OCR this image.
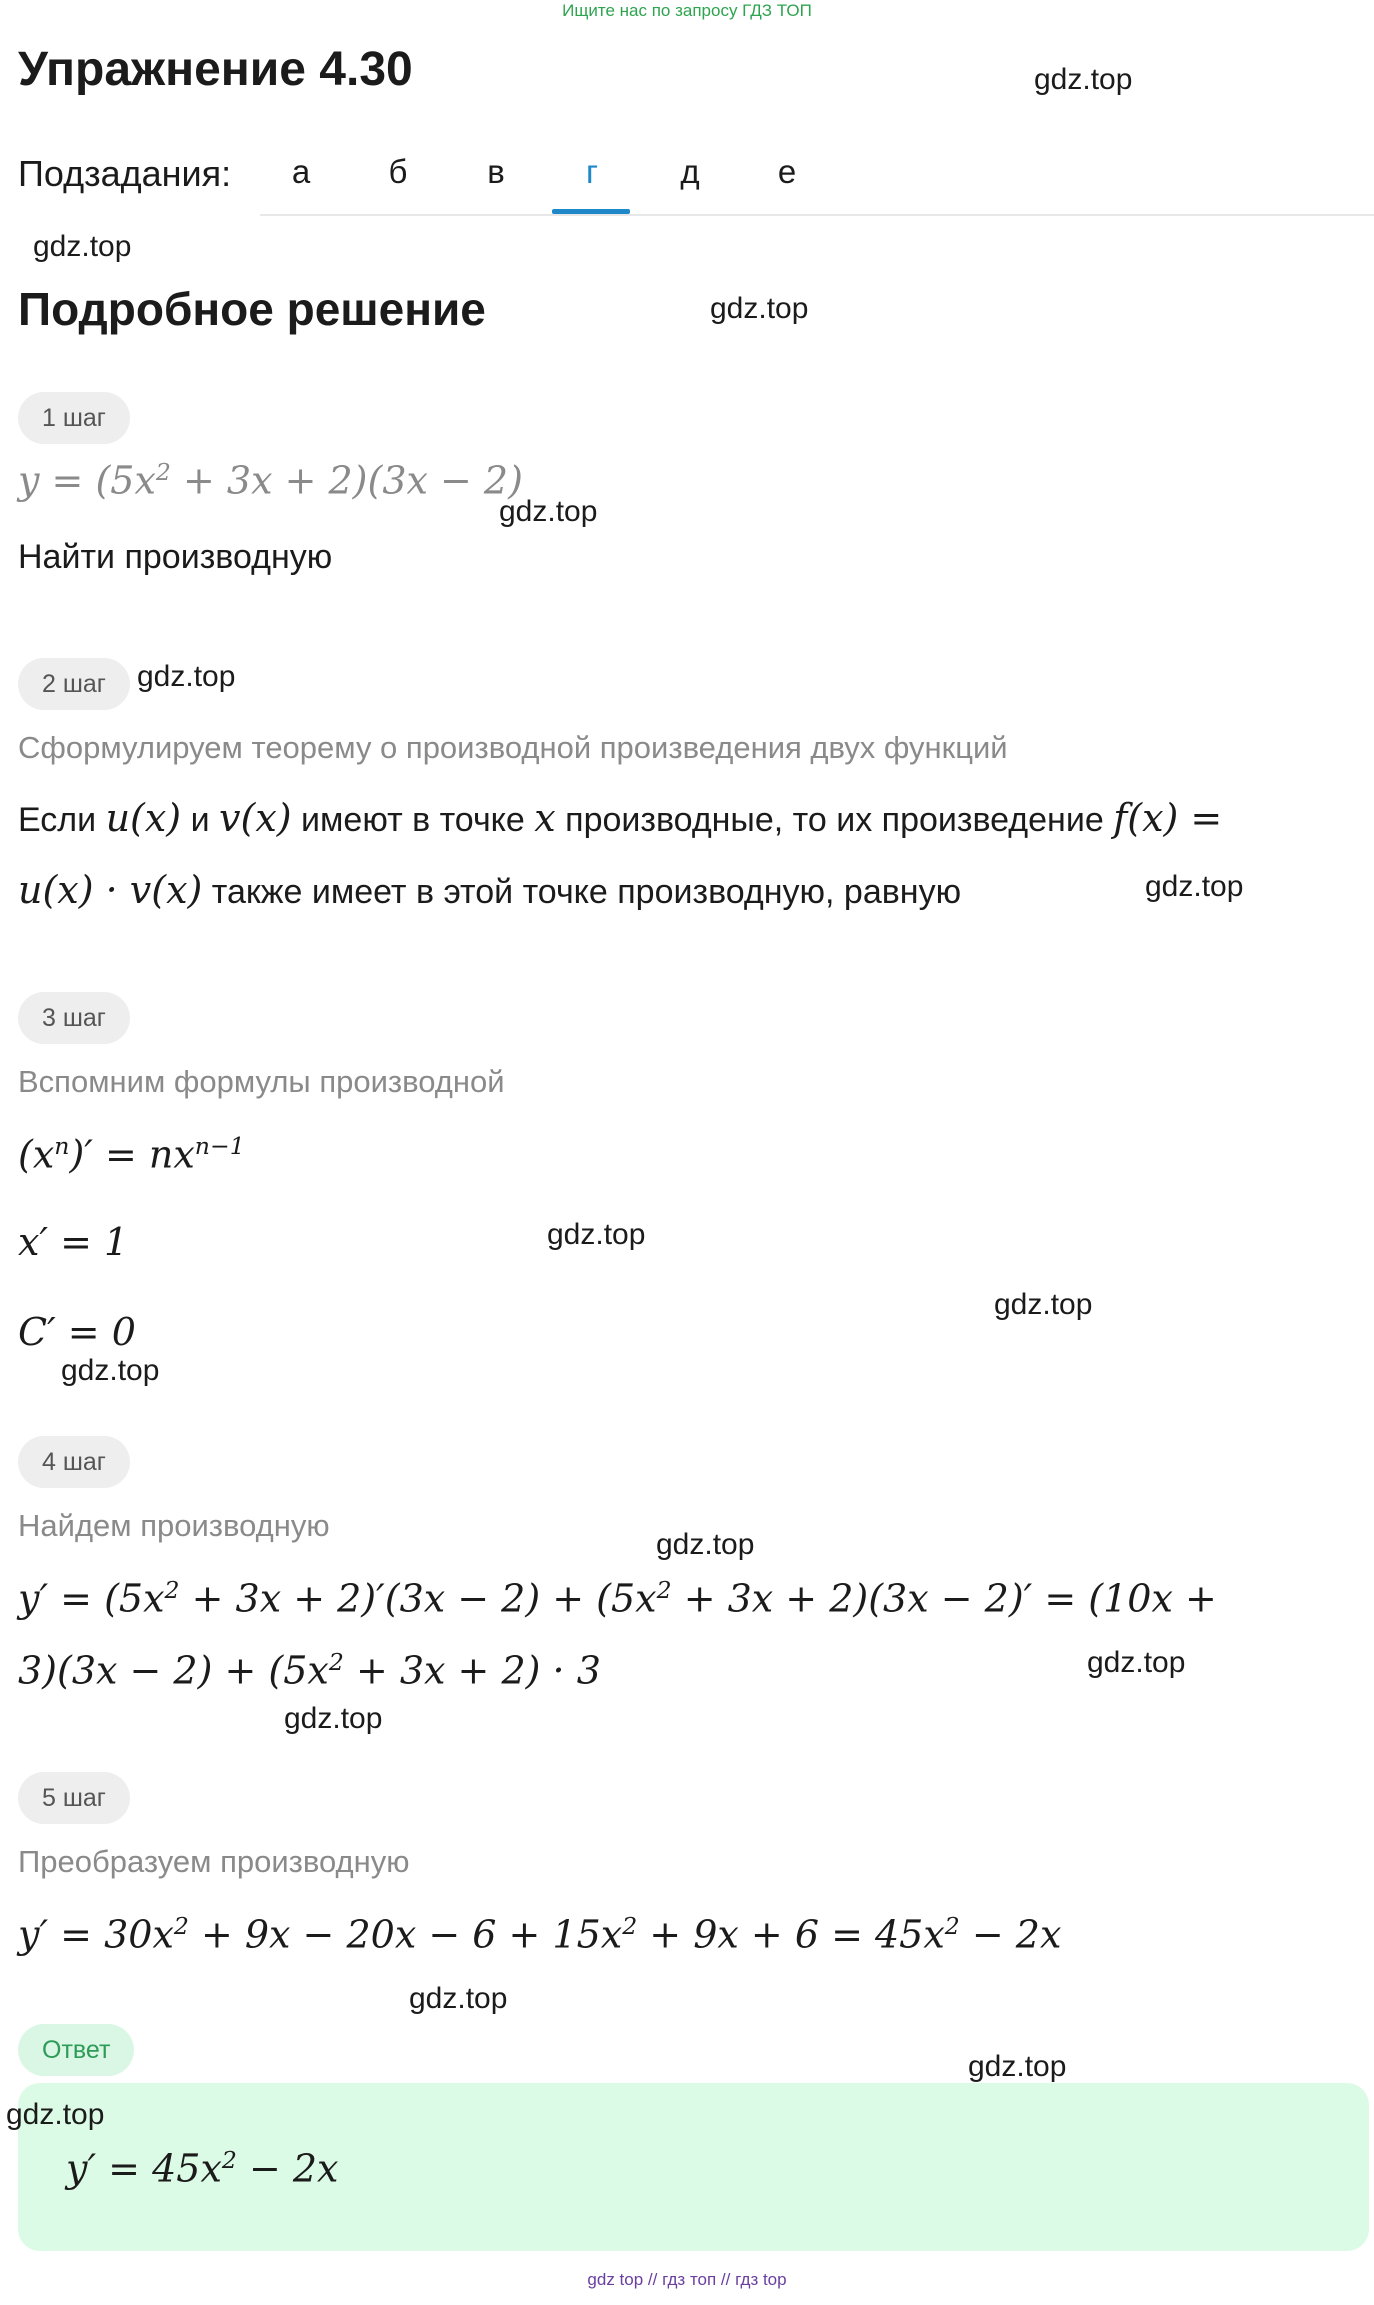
Ищите нас по запросу ГДЗ ТОП
Упражнение 4.30	gdz.top
Подзадания:	а	б	в	г	д	е
gdz.top
Подробное решение	gdz.top
1 шаг
$y = (5x^2 + 3x + 2)(3x - 2)$
gdz.top
Найти производную
2 шаг	gdz.top
Сформулируем теорему о производной произведения двух функций
Если u(x) и v(x) имеют в точке x производные, то их произведение f(x) =
u(x) · v(x) также имеет в этой точке производную, равную	gdz.top
3 шаг
Вспомним формулы производной
$(x^n)' = nx^{n-1}$
x′ = 1	gdz.top
gdz.top
C′ = 0
gdz.top
4 шаг
Найдем производную
gdz.top
$y' = (5x^2 + 3x + 2)'(3x - 2) + (5x^2 + 3x + 2)(3x - 2)' = (10x$ +
$3)(3x - 2) + (5x^2 + 3x + 2) \cdot 3$	gdz.top
gdz.top
5 шаг
Преобразуем производную
$y' = 30x^2 + 9x - 20x - 6 + 15x^2 + 9x + 6 = 45x^2 - 2x$
gdz.top
Ответ	gdz.top
gdz.top
$y' = 45x^2 - 2x$
gdz top // гдз топ // гдз top
